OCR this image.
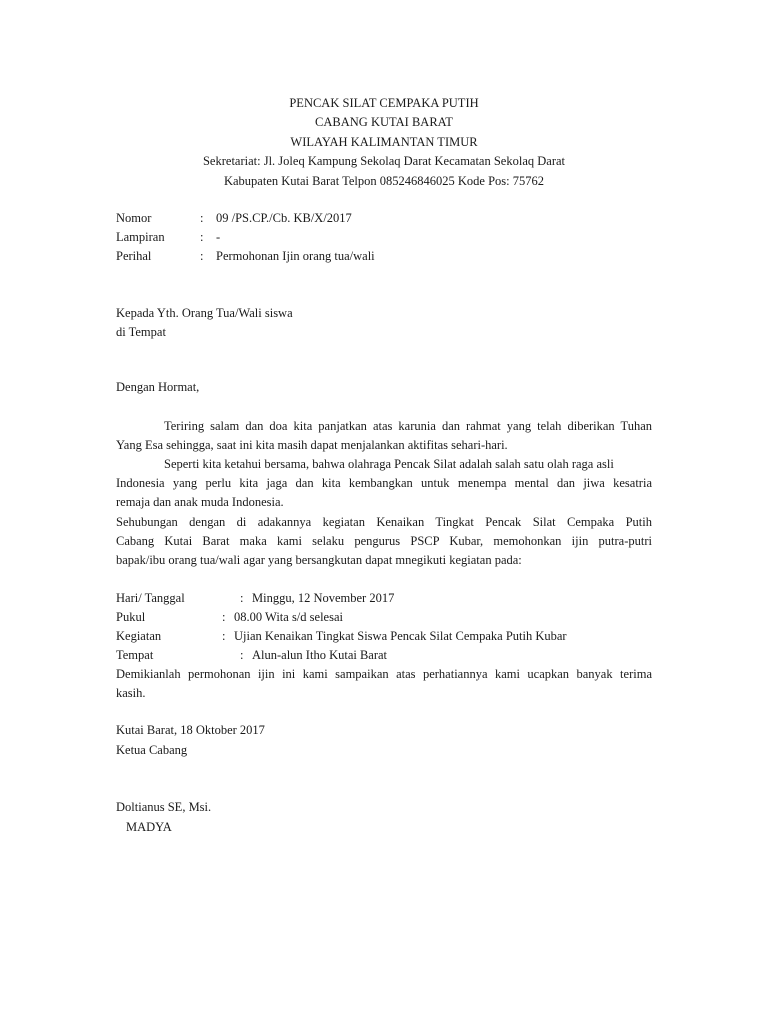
PENCAK SILAT CEMPAKA PUTIH
CABANG KUTAI BARAT
WILAYAH KALIMANTAN TIMUR
Sekretariat: Jl. Joleq Kampung Sekolaq Darat Kecamatan Sekolaq Darat
Kabupaten Kutai Barat Telpon 085246846025 Kode Pos: 75762
Nomor	: 09 /PS.CP./Cb. KB/X/2017
Lampiran	: -
Perihal	: Permohonan Ijin orang tua/wali
Kepada Yth. Orang Tua/Wali siswa
di Tempat
Dengan Hormat,
Teriring salam dan doa kita panjatkan atas karunia dan rahmat yang telah diberikan Tuhan
Yang Esa sehingga, saat ini kita masih dapat menjalankan aktifitas sehari-hari.
Seperti kita ketahui bersama, bahwa olahraga Pencak Silat adalah salah satu olah raga asli
Indonesia yang perlu kita jaga dan kita kembangkan untuk menempa mental dan jiwa kesatria
remaja dan anak muda Indonesia.
Sehubungan dengan di adakannya kegiatan Kenaikan Tingkat Pencak Silat Cempaka Putih
Cabang Kutai Barat maka kami selaku pengurus PSCP Kubar, memohonkan ijin putra-putri
bapak/ibu orang tua/wali agar yang bersangkutan dapat mnegikuti kegiatan pada:
Hari/ Tanggal	: Minggu, 12 November 2017
Pukul	: 08.00 Wita s/d selesai
Kegiatan	: Ujian Kenaikan Tingkat Siswa Pencak Silat Cempaka Putih Kubar
Tempat	: Alun-alun Itho Kutai Barat
Demikianlah permohonan ijin ini kami sampaikan atas perhatiannya kami ucapkan banyak terima
kasih.
Kutai Barat, 18 Oktober 2017
Ketua Cabang
Doltianus SE, Msi.
MADYA
